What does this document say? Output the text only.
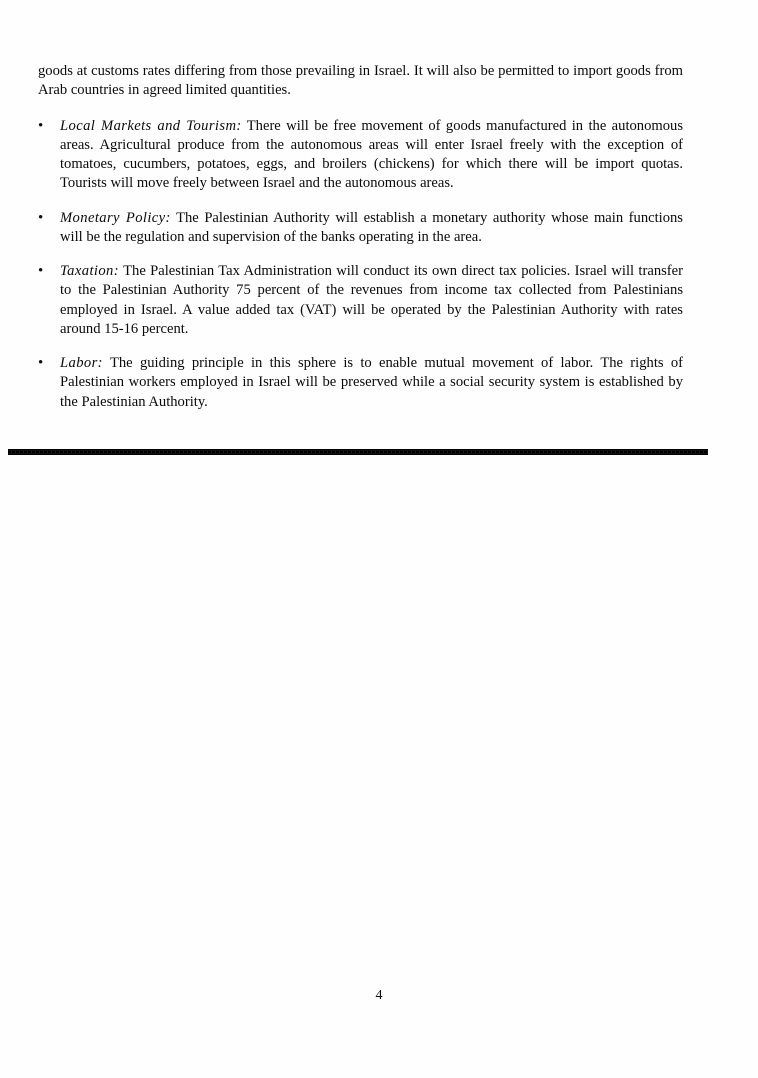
goods at customs rates differing from those prevailing in Israel. It will also be permitted to import goods from Arab countries in agreed limited quantities.

•	Local Markets and Tourism: There will be free movement of goods manufactured in the autonomous areas. Agricultural produce from the autonomous areas will enter Israel freely with the exception of tomatoes, cucumbers, potatoes, eggs, and broilers (chickens) for which there will be import quotas. Tourists will move freely between Israel and the autonomous areas.
•	Monetary Policy: The Palestinian Authority will establish a monetary authority whose main functions will be the regulation and supervision of the banks operating in the area.
•	Taxation: The Palestinian Tax Administration will conduct its own direct tax policies. Israel will transfer to the Palestinian Authority 75 percent of the revenues from income tax collected from Palestinians employed in Israel. A value added tax (VAT) will be operated by the Palestinian Authority with rates around 15-16 percent.
•	Labor: The guiding principle in this sphere is to enable mutual movement of labor. The rights of Palestinian workers employed in Israel will be preserved while a social security system is established by the Palestinian Authority.
4
